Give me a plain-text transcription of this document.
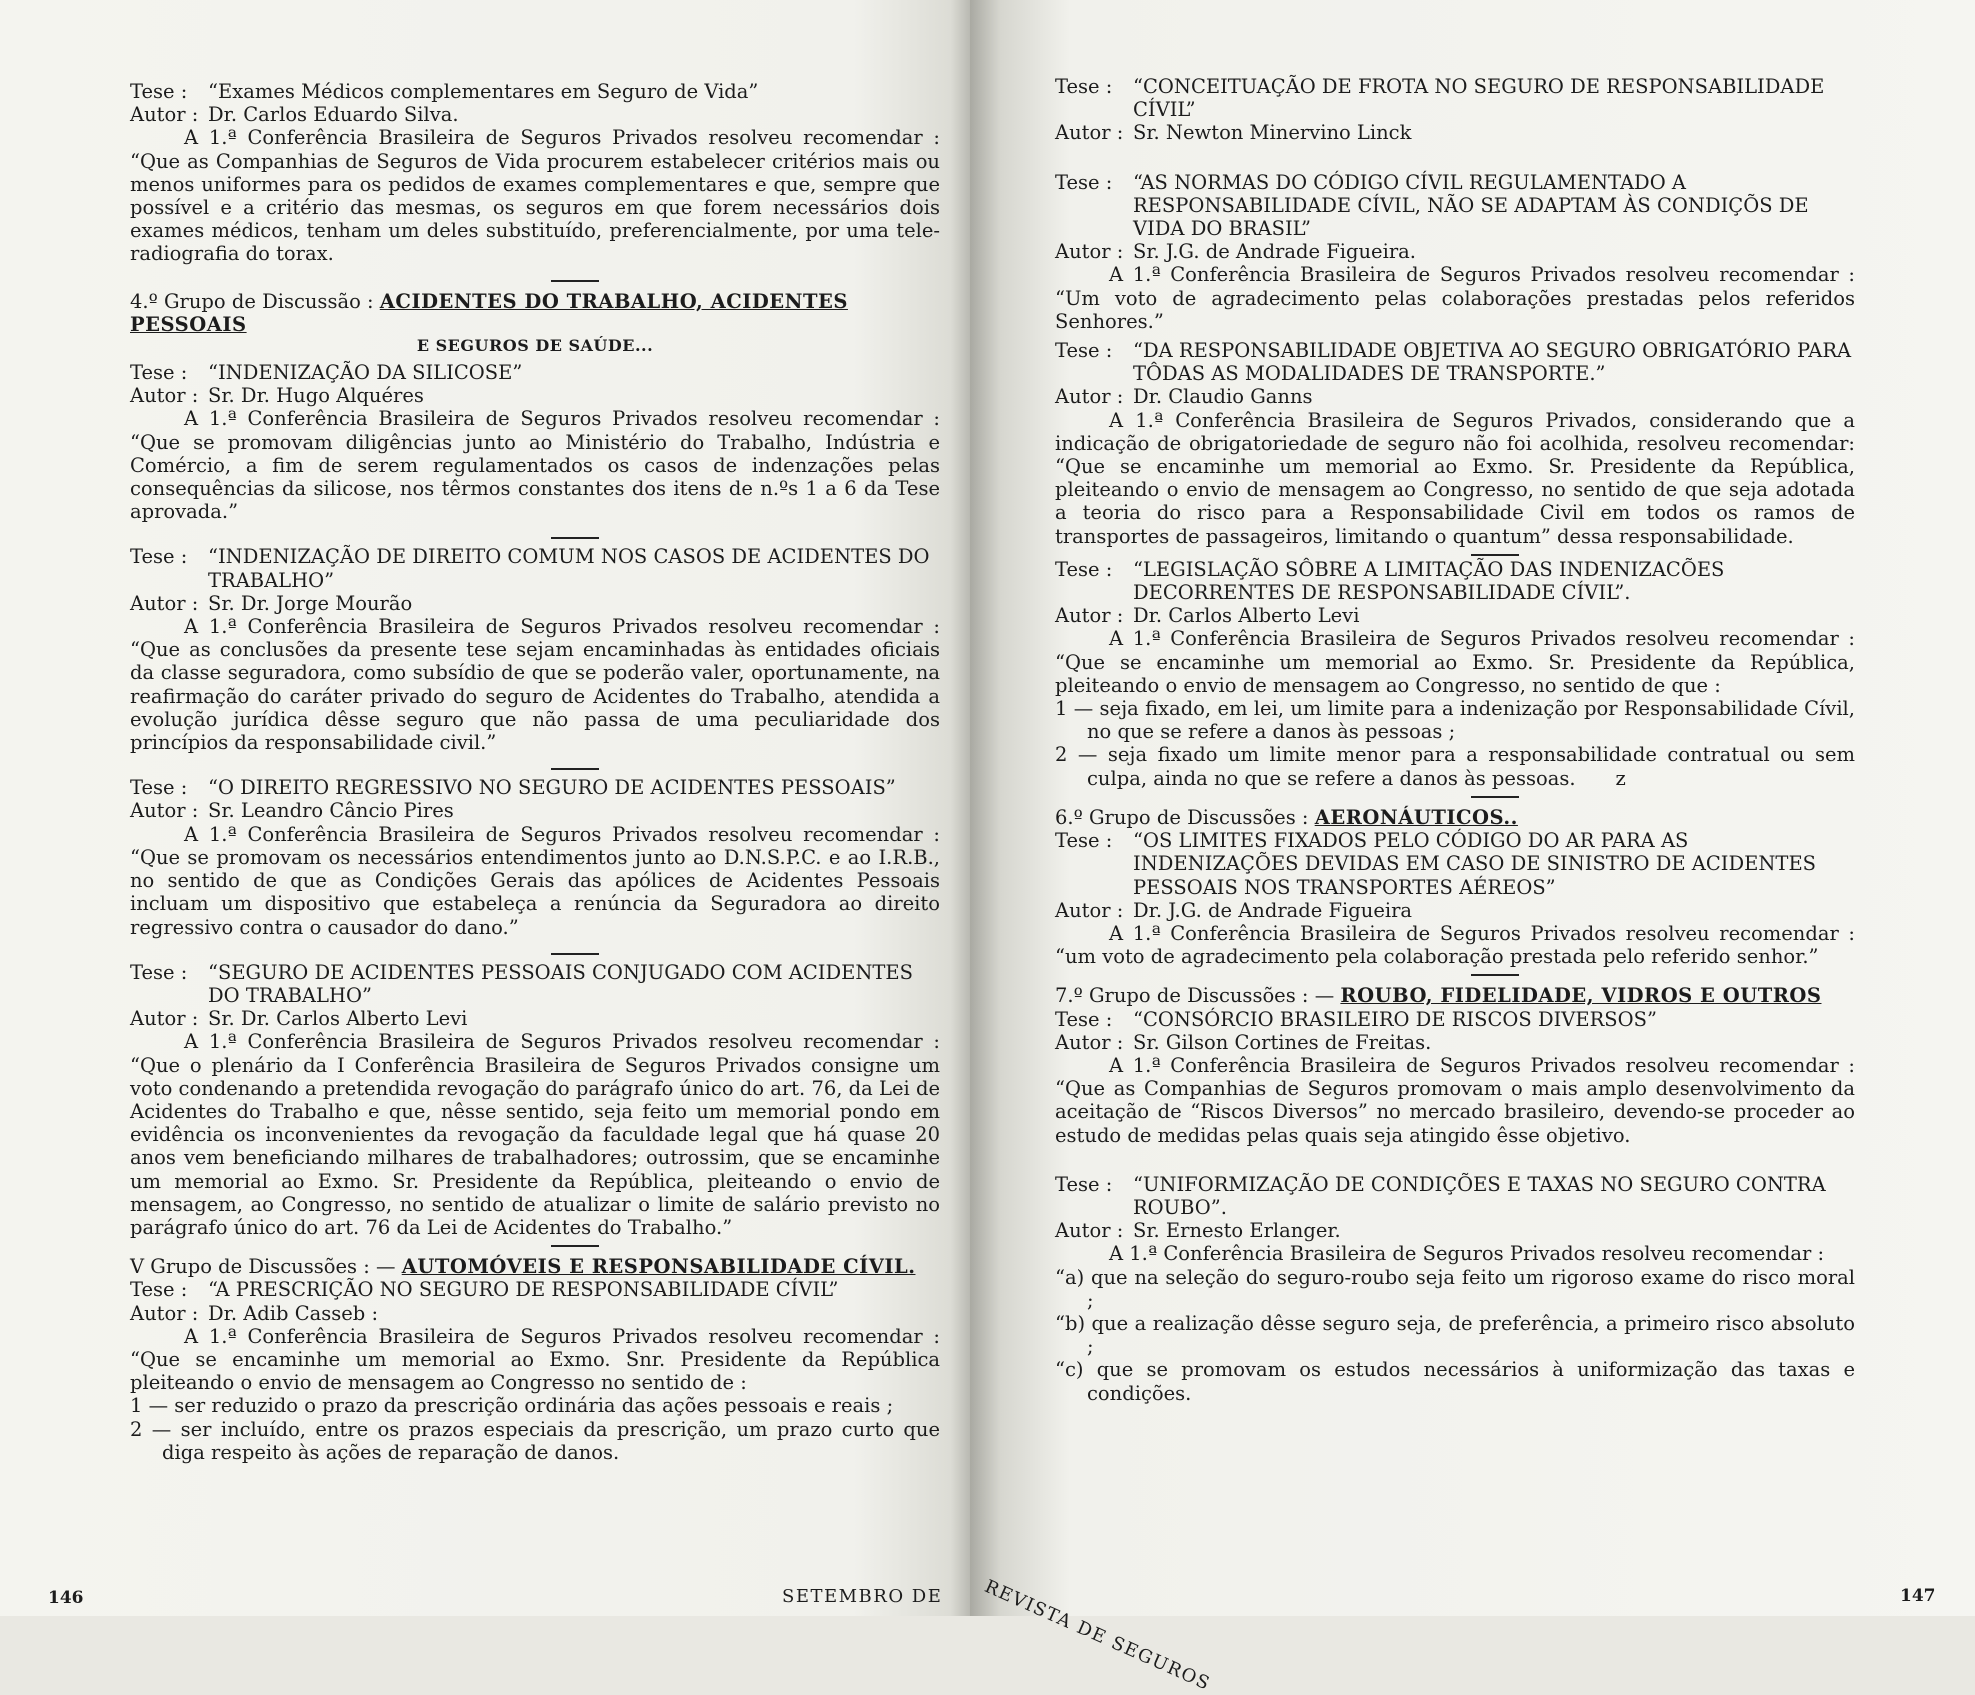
Tese : “Exames Médicos complementares em Seguro de Vida”
Autor : Dr. Carlos Eduardo Silva.
A 1.ª Conferência Brasileira de Seguros Privados resolveu recomendar : “Que as Companhias de Seguros de Vida procurem estabelecer critérios mais ou menos uniformes para os pedidos de exames complementares e que, sempre que possível e a critério das mesmas, os seguros em que forem necessários dois exames médicos, tenham um deles substituído, preferencialmente, por uma tele-radiografia do torax.
4.º Grupo de Discussão : ACIDENTES DO TRABALHO, ACIDENTES PESSOAIS
E SEGUROS DE SAÚDE...
Tese : “INDENIZAÇÃO DA SILICOSE”
Autor : Sr. Dr. Hugo Alquéres
A 1.ª Conferência Brasileira de Seguros Privados resolveu recomendar : “Que se promovam diligências junto ao Ministério do Trabalho, Indústria e Comércio, a fim de serem regulamentados os casos de indenzações pelas consequências da silicose, nos têrmos constantes dos itens de n.ºs 1 a 6 da Tese aprovada.”
Tese :	“INDENIZAÇÃO DE DIREITO COMUM NOS CASOS DE ACIDENTES DO TRABALHO”
Autor : Sr. Dr. Jorge Mourão
A 1.ª Conferência Brasileira de Seguros Privados resolveu recomendar : “Que as conclusões da presente tese sejam encaminhadas às entidades oficiais da classe seguradora, como subsídio de que se poderão valer, oportunamente, na reafirmação do caráter privado do seguro de Acidentes do Trabalho, atendida a evolução jurídica dêsse seguro que não passa de uma peculiaridade dos princípios da responsabilidade civil.”
Tese : “O DIREITO REGRESSIVO NO SEGURO DE ACIDENTES PESSOAIS”
Autor : Sr. Leandro Câncio Pires
A 1.ª Conferência Brasileira de Seguros Privados resolveu recomendar : “Que se promovam os necessários entendimentos junto ao D.N.S.P.C. e ao I.R.B., no sentido de que as Condições Gerais das apólices de Acidentes Pessoais incluam um dispositivo que estabeleça a renúncia da Seguradora ao direito regressivo contra o causador do dano.”
Tese :	“SEGURO DE ACIDENTES PESSOAIS CONJUGADO COM ACIDENTES DO TRABALHO”
Autor : Sr. Dr. Carlos Alberto Levi
A 1.ª Conferência Brasileira de Seguros Privados resolveu recomendar : “Que o plenário da I Conferência Brasileira de Seguros Privados consigne um voto condenando a pretendida revogação do parágrafo único do art. 76, da Lei de Acidentes do Trabalho e que, nêsse sentido, seja feito um memorial pondo em evidência os inconvenientes da revogação da faculdade legal que há quase 20 anos vem beneficiando milhares de trabalhadores; outrossim, que se encaminhe um memorial ao Exmo. Sr. Presidente da República, pleiteando o envio de mensagem, ao Congresso, no sentido de atualizar o limite de salário previsto no parágrafo único do art. 76 da Lei de Acidentes do Trabalho.”
V Grupo de Discussões : — AUTOMÓVEIS E RESPONSABILIDADE CÍVIL.
Tese : “A PRESCRIÇÃO NO SEGURO DE RESPONSABILIDADE CÍVIL”
Autor : Dr. Adib Casseb :
A 1.ª Conferência Brasileira de Seguros Privados resolveu recomendar : “Que se encaminhe um memorial ao Exmo. Snr. Presidente da República pleiteando o envio de mensagem ao Congresso no sentido de :
1 — ser reduzido o prazo da prescrição ordinária das ações pessoais e reais ;
2 — ser incluído, entre os prazos especiais da prescrição, um prazo curto que diga respeito às ações de reparação de danos.
146	SETEMBRO DE
Tese :	“CONCEITUAÇÃO DE FROTA NO SEGURO DE RESPONSABILIDADE CÍVIL”
Autor : Sr. Newton Minervino Linck
Tese :	“AS NORMAS DO CÓDIGO CÍVIL REGULAMENTADO A RESPONSABILIDADE CÍVIL, NÃO SE ADAPTAM ÀS CONDIÇÕS DE VIDA DO BRASIL”
Autor : Sr. J.G. de Andrade Figueira.
A 1.ª Conferência Brasileira de Seguros Privados resolveu recomendar : “Um voto de agradecimento pelas colaborações prestadas pelos referidos Senhores.”
Tese :	“DA RESPONSABILIDADE OBJETIVA AO SEGURO OBRIGATÓRIO PARA TÔDAS AS MODALIDADES DE TRANSPORTE.”
Autor : Dr. Claudio Ganns
A 1.ª Conferência Brasileira de Seguros Privados, considerando que a indicação de obrigatoriedade de seguro não foi acolhida, resolveu recomendar: “Que se encaminhe um memorial ao Exmo. Sr. Presidente da República, pleiteando o envio de mensagem ao Congresso, no sentido de que seja adotada a teoria do risco para a Responsabilidade Civil em todos os ramos de transportes de passageiros, limitando o quantum” dessa responsabilidade.
Tese :	“LEGISLAÇÃO SÔBRE A LIMITAÇÃO DAS INDENIZACÕES DECORRENTES DE RESPONSABILIDADE CÍVIL”.
Autor : Dr. Carlos Alberto Levi
A 1.ª Conferência Brasileira de Seguros Privados resolveu recomendar : “Que se encaminhe um memorial ao Exmo. Sr. Presidente da República, pleiteando o envio de mensagem ao Congresso, no sentido de que :
1 — seja fixado, em lei, um limite para a indenização por Responsabilidade Cívil, no que se refere a danos às pessoas ;
2 — seja fixado um limite menor para a responsabilidade contratual ou sem culpa, ainda no que se refere a danos às pessoas. z
6.º Grupo de Discussões : AERONÁUTICOS..
Tese :	“OS LIMITES FIXADOS PELO CÓDIGO DO AR PARA AS INDENIZAÇÕES DEVIDAS EM CASO DE SINISTRO DE ACIDENTES PESSOAIS NOS TRANSPORTES AÉREOS”
Autor : Dr. J.G. de Andrade Figueira
A 1.ª Conferência Brasileira de Seguros Privados resolveu recomendar : “um voto de agradecimento pela colaboração prestada pelo referido senhor.”
7.º Grupo de Discussões : — ROUBO, FIDELIDADE, VIDROS E OUTROS
Tese : “CONSÓRCIO BRASILEIRO DE RISCOS DIVERSOS”
Autor : Sr. Gilson Cortines de Freitas.
A 1.ª Conferência Brasileira de Seguros Privados resolveu recomendar : “Que as Companhias de Seguros promovam o mais amplo desenvolvimento da aceitação de “Riscos Diversos” no mercado brasileiro, devendo-se proceder ao estudo de medidas pelas quais seja atingido êsse objetivo.
Tese :	“UNIFORMIZAÇÃO DE CONDIÇÕES E TAXAS NO SEGURO CONTRA ROUBO”.
Autor : Sr. Ernesto Erlanger.
A 1.ª Conferência Brasileira de Seguros Privados resolveu recomendar :
“a) que na seleção do seguro-roubo seja feito um rigoroso exame do risco moral ;
“b) que a realização dêsse seguro seja, de preferência, a primeiro risco absoluto ;
“c) que se promovam os estudos necessários à uniformização das taxas e condições.
REVISTA DE SEGUROS	147
